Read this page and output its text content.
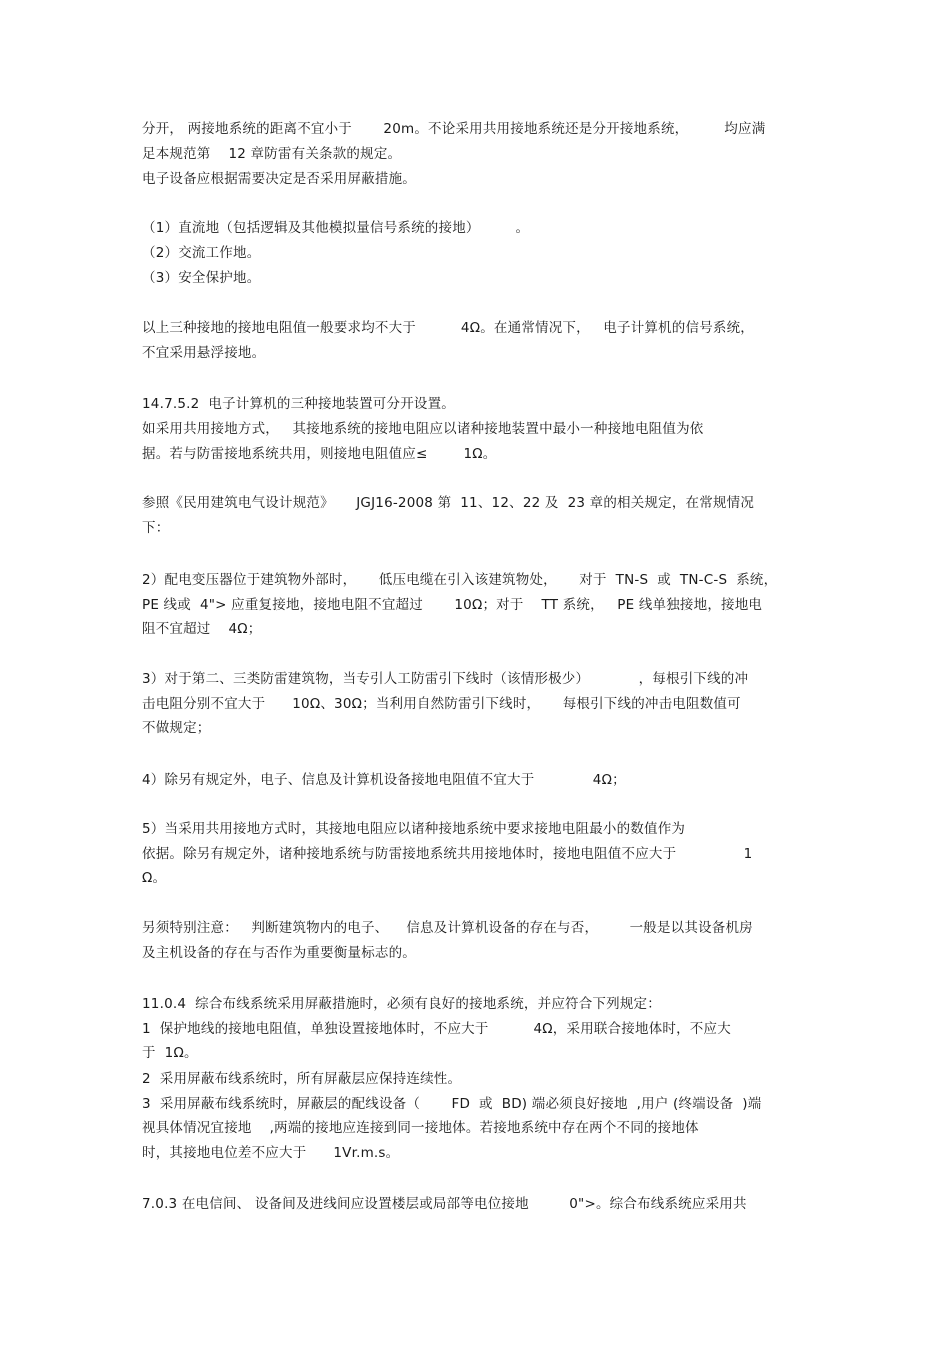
分开， 两接地系统的距离不宜小于       20m。不论采用共用接地系统还是分开接地系统，        均应满
足本规范第    12 章防雷有关条款的规定。
电子设备应根据需要决定是否采用屏蔽措施。
（1）直流地（包括逻辑及其他模拟量信号系统的接地）        。
（2）交流工作地。
（3）安全保护地。
以上三种接地的接地电阻值一般要求均不大于          4Ω。在通常情况下，   电子计算机的信号系统，
不宜采用悬浮接地。
14.7.5.2  电子计算机的三种接地装置可分开设置。
如采用共用接地方式，   其接地系统的接地电阻应以诸种接地装置中最小一种接地电阻值为依
据。若与防雷接地系统共用，则接地电阻值应≤        1Ω。
参照《民用建筑电气设计规范》     JGJ16-2008 第  11、12、22 及  23 章的相关规定，在常规情况
下：
2）配电变压器位于建筑物外部时，     低压电缆在引入该建筑物处，     对于  TN-S  或  TN-C-S  系统，
PE 线或  4"> 应重复接地，接地电阻不宜超过       10Ω；对于    TT 系统，   PE 线单独接地，接地电
阻不宜超过    4Ω；
3）对于第二、三类防雷建筑物，当专引人工防雷引下线时（该情形极少）           ，每根引下线的冲
击电阻分别不宜大于      10Ω、30Ω；当利用自然防雷引下线时，     每根引下线的冲击电阻数值可
不做规定；
4）除另有规定外，电子、信息及计算机设备接地电阻值不宜大于             4Ω；
5）当采用共用接地方式时，其接地电阻应以诸种接地系统中要求接地电阻最小的数值作为
依据。除另有规定外，诸种接地系统与防雷接地系统共用接地体时，接地电阻值不应大于               1
Ω。
另须特别注意：   判断建筑物内的电子、    信息及计算机设备的存在与否，       一般是以其设备机房
及主机设备的存在与否作为重要衡量标志的。
11.0.4  综合布线系统采用屏蔽措施时，必须有良好的接地系统，并应符合下列规定：
1  保护地线的接地电阻值，单独设置接地体时，不应大于          4Ω，采用联合接地体时，不应大
于  1Ω。
2  采用屏蔽布线系统时，所有屏蔽层应保持连续性。
3  采用屏蔽布线系统时，屏蔽层的配线设备（       FD  或  BD) 端必须良好接地  ,用户 (终端设备  )端
视具体情况宜接地    ,两端的接地应连接到同一接地体。若接地系统中存在两个不同的接地体
时，其接地电位差不应大于      1Vr.m.s。
7.0.3 在电信间、 设备间及进线间应设置楼层或局部等电位接地         0">。综合布线系统应采用共
